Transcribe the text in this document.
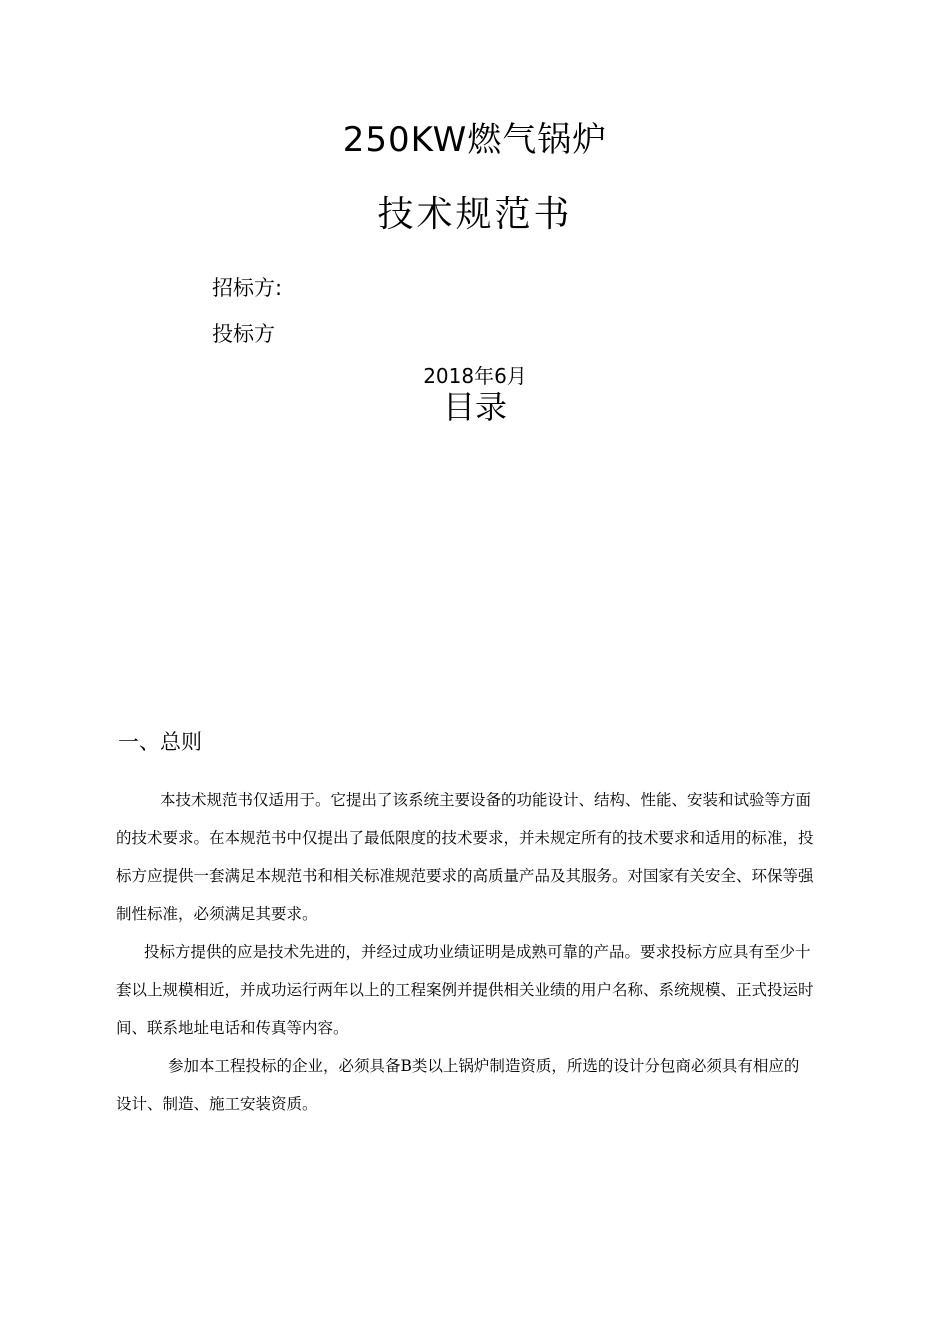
250KW燃气锅炉
技术规范书
招标方:
投标方
2018年6月
目录
一、总则
本技术规范书仅适用于。它提出了该系统主要设备的功能设计、结构、性能、安装和试验等方面
的技术要求。在本规范书中仅提出了最低限度的技术要求，并未规定所有的技术要求和适用的标准，投
标方应提供一套满足本规范书和相关标准规范要求的高质量产品及其服务。对国家有关安全、环保等强
制性标准，必须满足其要求。
投标方提供的应是技术先进的，并经过成功业绩证明是成熟可靠的产品。要求投标方应具有至少十
套以上规模相近，并成功运行两年以上的工程案例并提供相关业绩的用户名称、系统规模、正式投运时
间、联系地址电话和传真等内容。
参加本工程投标的企业，必须具备B类以上锅炉制造资质，所选的设计分包商必须具有相应的
设计、制造、施工安装资质。
